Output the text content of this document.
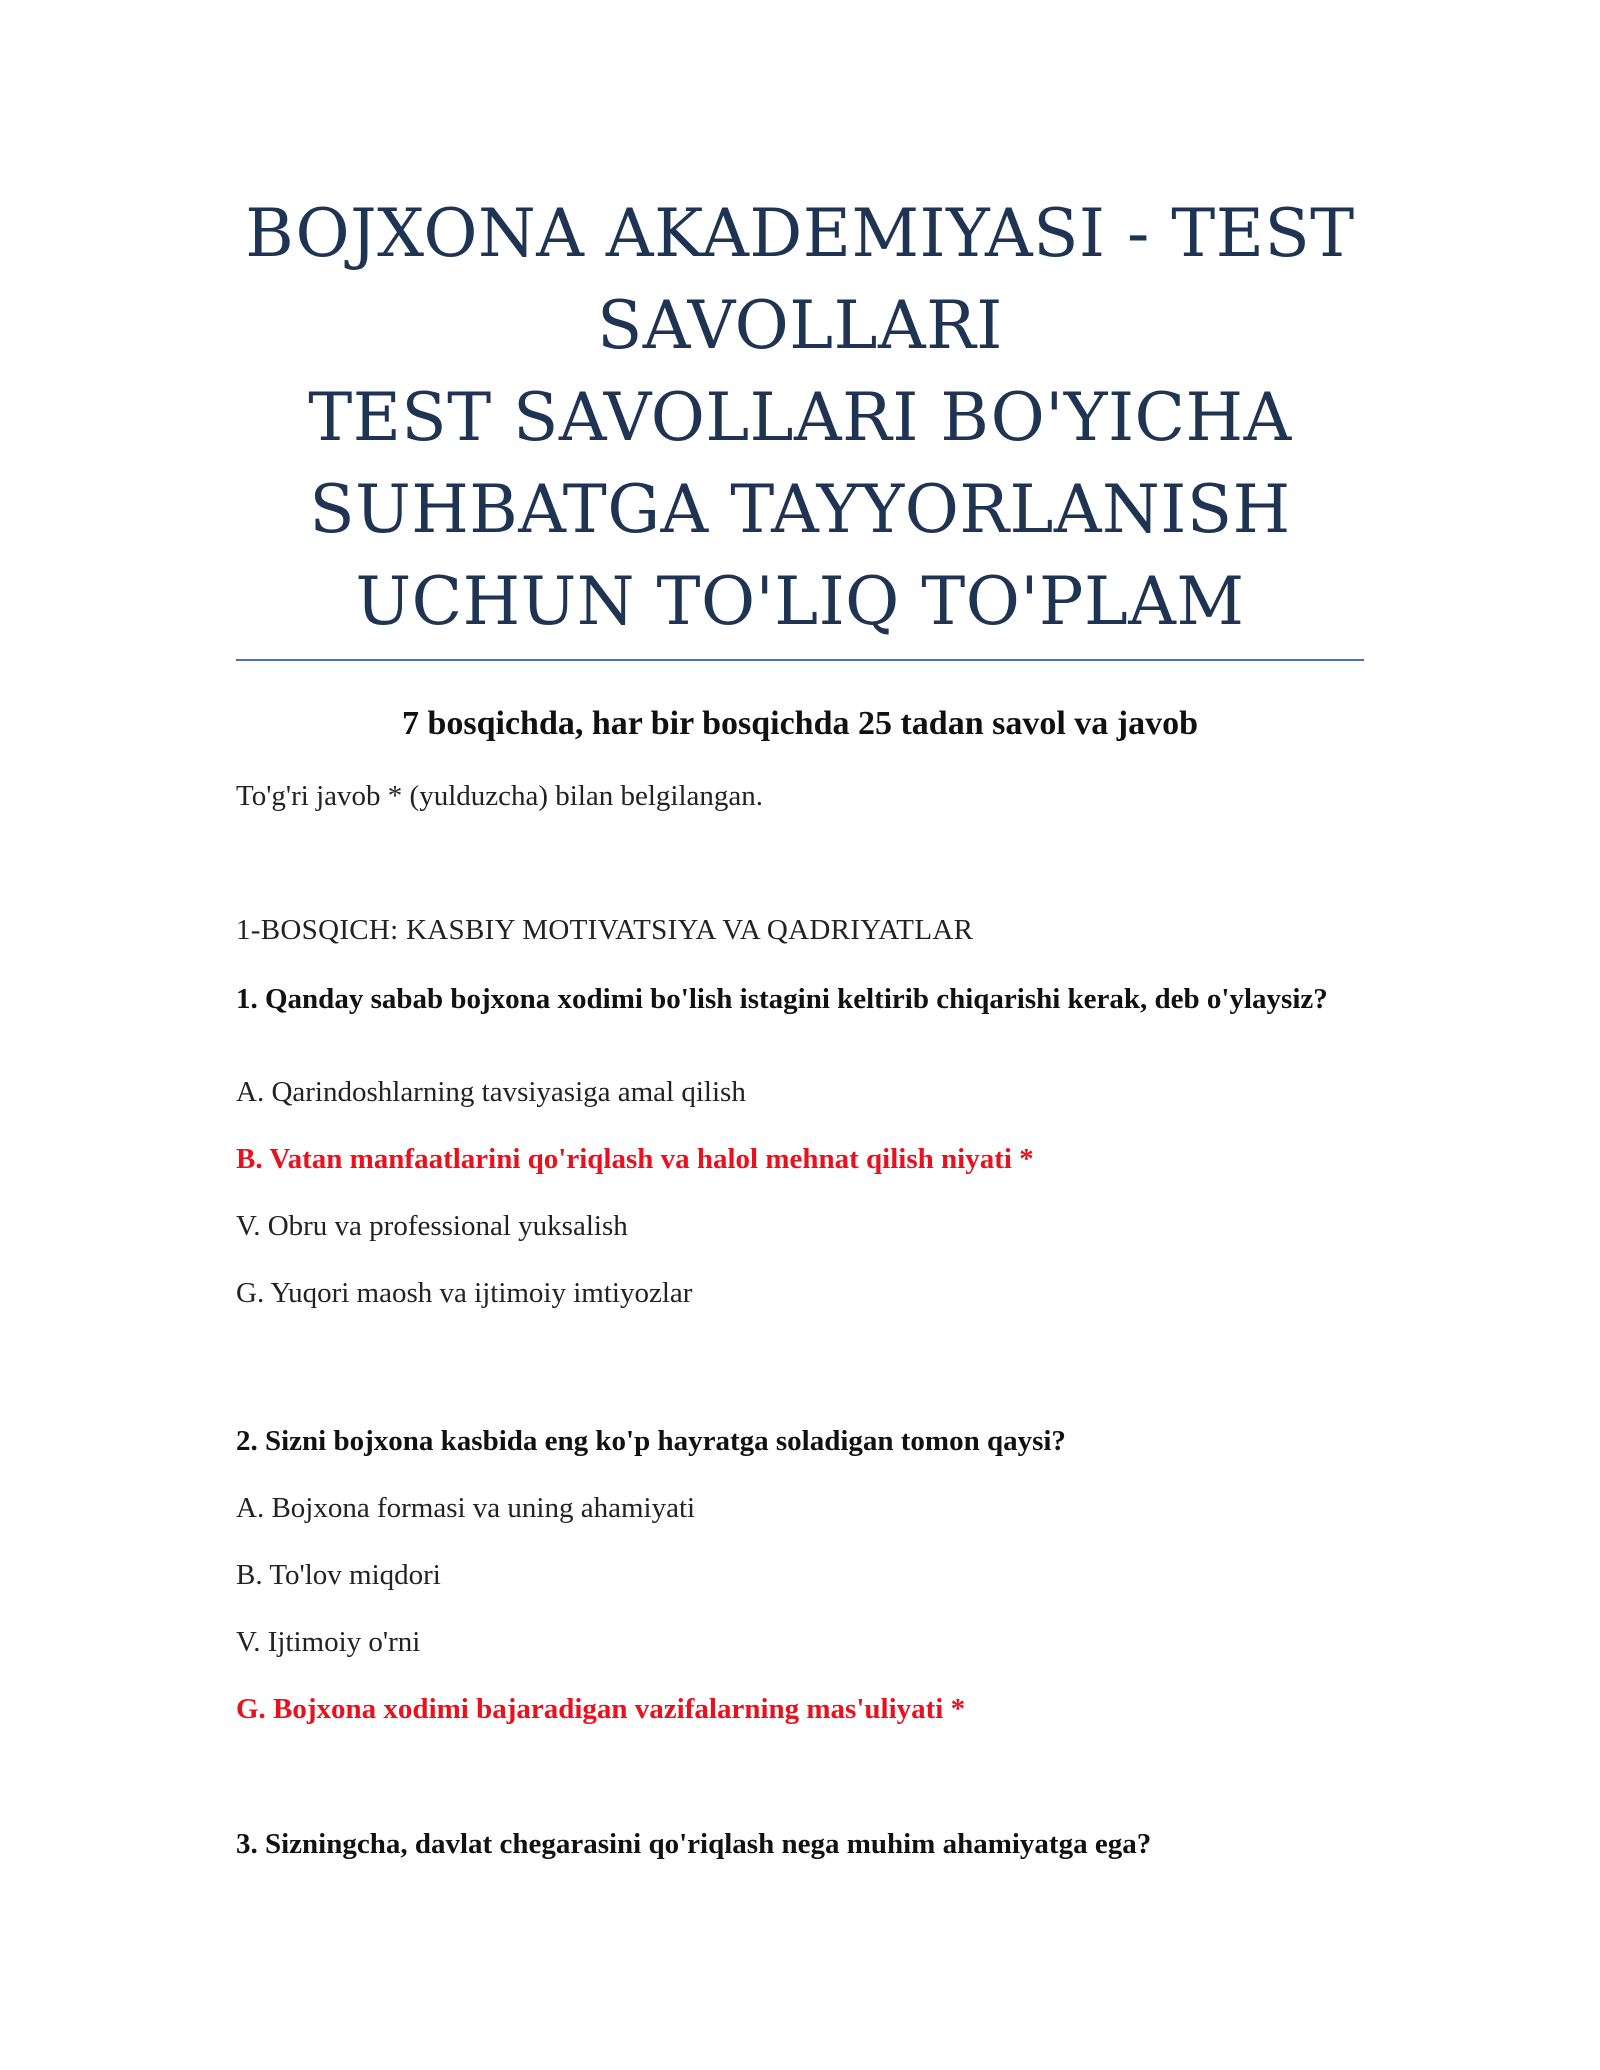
BOJXONA AKADEMIYASI - TEST
SAVOLLARI
TEST SAVOLLARI BO'YICHA
SUHBATGA TAYYORLANISH
UCHUN TO'LIQ TO'PLAM
7 bosqichda, har bir bosqichda 25 tadan savol va javob
To'g'ri javob * (yulduzcha) bilan belgilangan.
1-BOSQICH: KASBIY MOTIVATSIYA VA QADRIYATLAR
1. Qanday sabab bojxona xodimi bo'lish istagini keltirib chiqarishi kerak, deb o'ylaysiz?
A. Qarindoshlarning tavsiyasiga amal qilish
B. Vatan manfaatlarini qo'riqlash va halol mehnat qilish niyati *
V. Obru va professional yuksalish
G. Yuqori maosh va ijtimoiy imtiyozlar
2. Sizni bojxona kasbida eng ko'p hayratga soladigan tomon qaysi?
A. Bojxona formasi va uning ahamiyati
B. To'lov miqdori
V. Ijtimoiy o'rni
G. Bojxona xodimi bajaradigan vazifalarning mas'uliyati *
3. Sizningcha, davlat chegarasini qo'riqlash nega muhim ahamiyatga ega?
